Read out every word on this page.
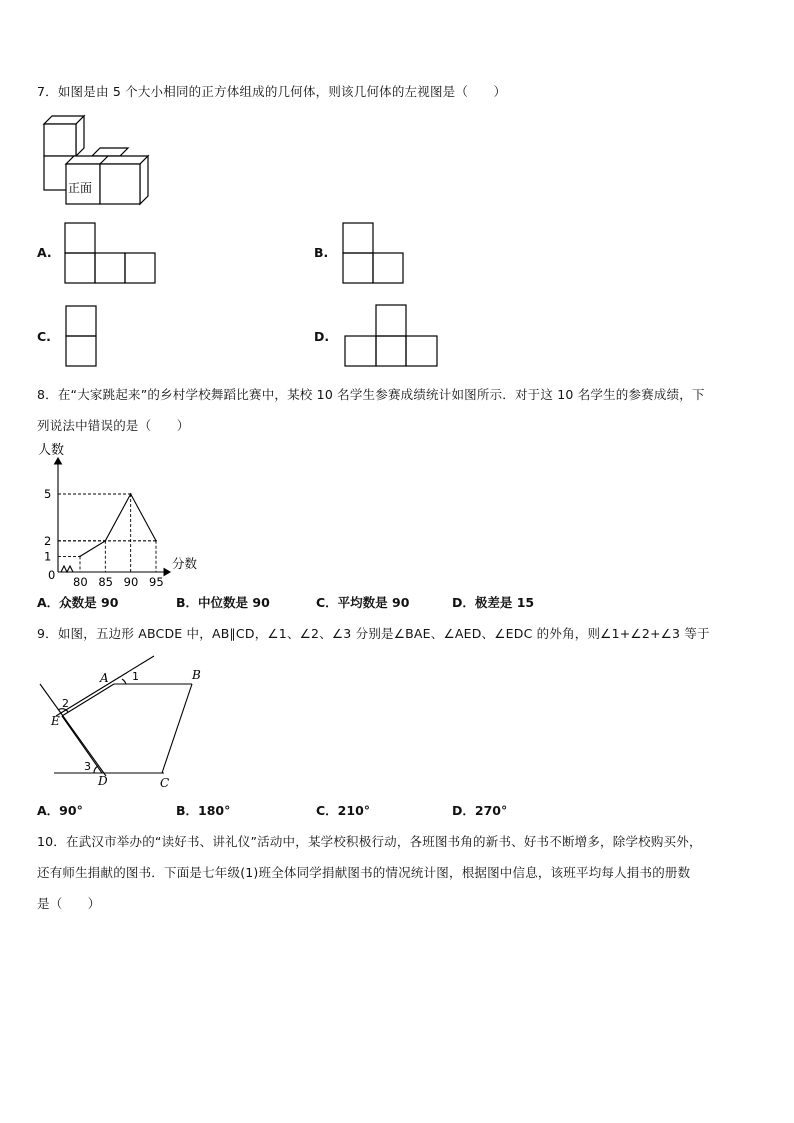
7．如图是由 5 个大小相同的正方体组成的几何体，则该几何体的左视图是（　　）
正面
A.	B.
C.	D.
8．在“大家跳起来”的乡村学校舞蹈比赛中，某校 10 名学生参赛成绩统计如图所示．对于这 10 名学生的参赛成绩，下
列说法中错误的是（　　）
80 85 90 95
1
2
5
人数
分数
0
A．众数是 90	B．中位数是 90	C．平均数是 90	D．极差是 15
9．如图，五边形 ABCDE 中，AB∥CD，∠1、∠2、∠3 分别是∠BAE、∠AED、∠EDC 的外角，则∠1+∠2+∠3 等于
A	B
C
D
E
1
2
3
A．90°	B．180°	C．210°	D．270°
10．在武汉市举办的“读好书、讲礼仪”活动中，某学校积极行动，各班图书角的新书、好书不断增多，除学校购买外，
还有师生捐献的图书．下面是七年级(1)班全体同学捐献图书的情况统计图，根据图中信息，该班平均每人捐书的册数
是（　　）
